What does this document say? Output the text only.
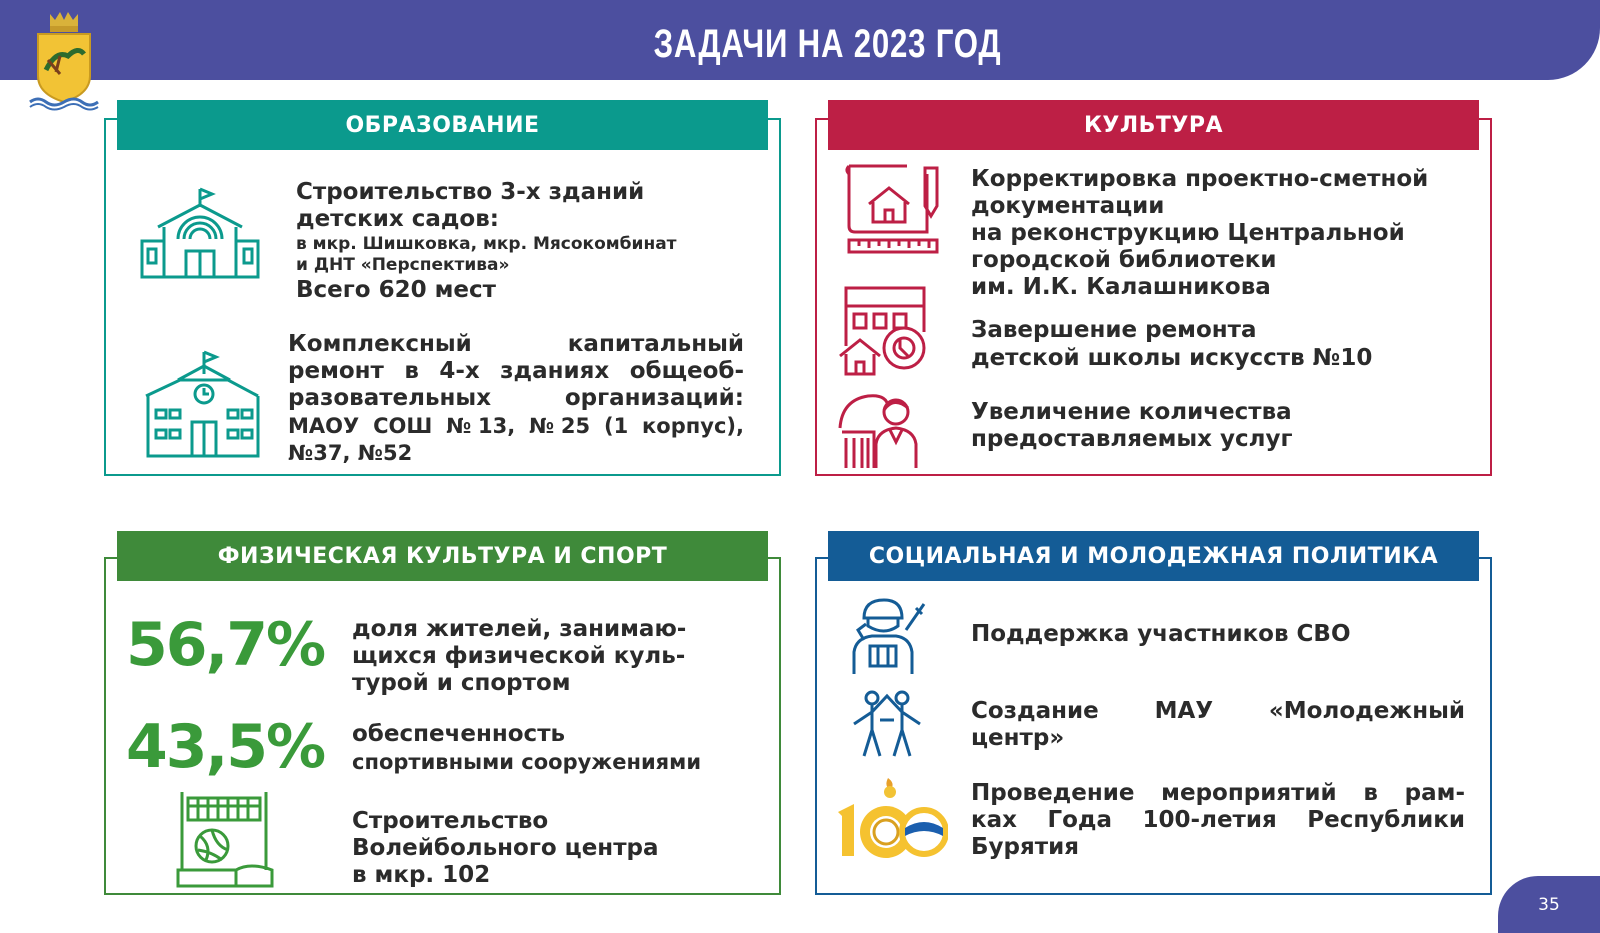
ЗАДАЧИ НА 2023 ГОД
ОБРАЗОВАНИЕ
Строительство 3-х зданий
детских садов:
в мкр. Шишковка, мкр. Мясокомбинат
и ДНТ «Перспектива»
Всего 620 мест
Комплексный капитальный
ремонт в 4-х зданиях общеоб-
разовательных организаций:
МАОУ СОШ №13, №25 (1 корпус),
№37, №52
КУЛЬТУРА
Корректировка проектно-сметной
документации
на реконструкцию Центральной
городской библиотеки
им. И.К. Калашникова
Завершение ремонта
детской школы искусств №10
Увеличение количества
предоставляемых услуг
ФИЗИЧЕСКАЯ КУЛЬТУРА И СПОРТ
56,7% доля жителей, занимаю-
щихся физической куль-
турой и спортом
43,5% обеспеченность
спортивными сооружениями
Строительство
Волейбольного центра
в мкр. 102
СОЦИАЛЬНАЯ И МОЛОДЕЖНАЯ ПОЛИТИКА
Поддержка участников СВО
Создание МАУ «Молодежный
центр»
Проведение мероприятий в рам-
ках Года 100-летия Республики
Бурятия
35
